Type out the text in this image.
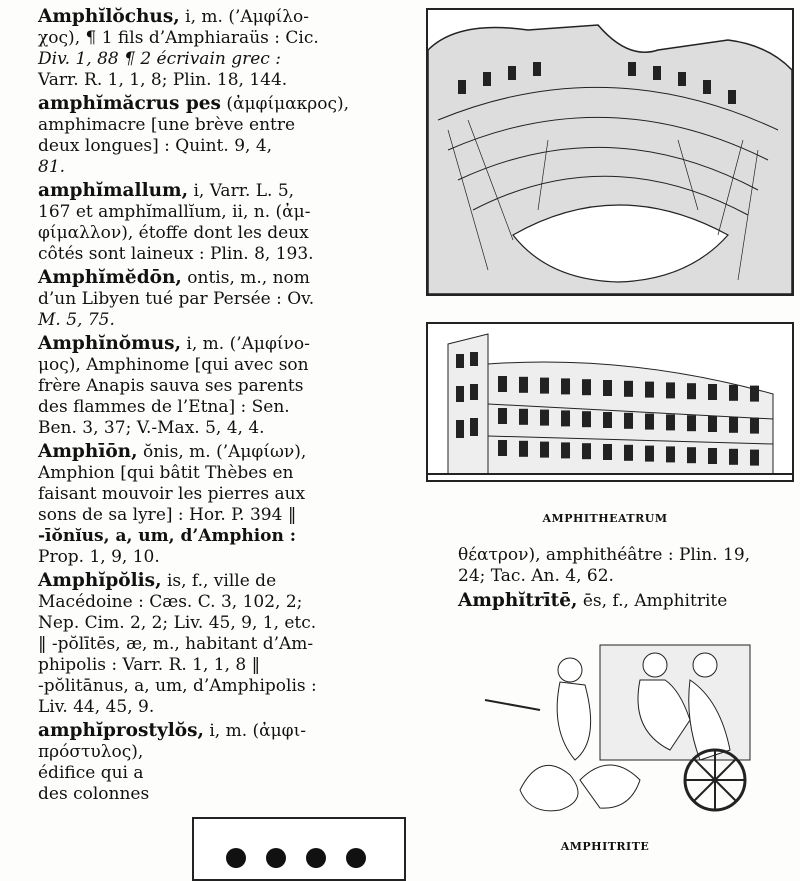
Amphĭlŏchus, i, m. (’Αμφίλο-
χος), ¶ 1 fils d’Amphiaraüs : Cic.
Div. 1, 88 ¶ 2 écrivain grec :
Varr. R. 1, 1, 8; Plin. 18, 144.
amphĭmăcrus pes (ἀμφίμακρος),
amphimacre [une brève entre
deux longues] : Quint. 9, 4,
81.
amphĭmallum, i, Varr. L. 5,
167 et amphĭmallĭum, ii, n. (ἀμ-
φίμαλλον), étoffe dont les deux
côtés sont laineux : Plin. 8, 193.
Amphĭmĕdōn, ontis, m., nom
d’un Libyen tué par Persée : Ov.
M. 5, 75.
Amphĭnŏmus, i, m. (’Αμφίνο-
μος), Amphinome [qui avec son
frère Anapis sauva ses parents
des flammes de l’Etna] : Sen.
Ben. 3, 37; V.-Max. 5, 4, 4.
Amphīōn, ŏnis, m. (’Αμφίων),
Amphion [qui bâtit Thèbes en
faisant mouvoir les pierres aux
sons de sa lyre] : Hor. P. 394 ‖
-īŏnĭus, a, um, d’Amphion :
Prop. 1, 9, 10.
Amphĭpŏlis, is, f., ville de
Macédoine : Cæs. C. 3, 102, 2;
Nep. Cim. 2, 2; Liv. 45, 9, 1, etc.
‖ -pŏlītēs, æ, m., habitant d’Am-
phipolis : Varr. R. 1, 1, 8 ‖
-pŏlitānus, a, um, d’Amphipolis :
Liv. 44, 45, 9.
amphĭprostylŏs, i, m. (ἀμφι-
πρόστυλος),
édifice qui a
des colonnes
AMPHITHEATRUM
θέατρον), amphithéâtre : Plin. 19,
24; Tac. An. 4, 62.
Amphĭtrītē, ēs, f., Amphitrite
AMPHITRITE
